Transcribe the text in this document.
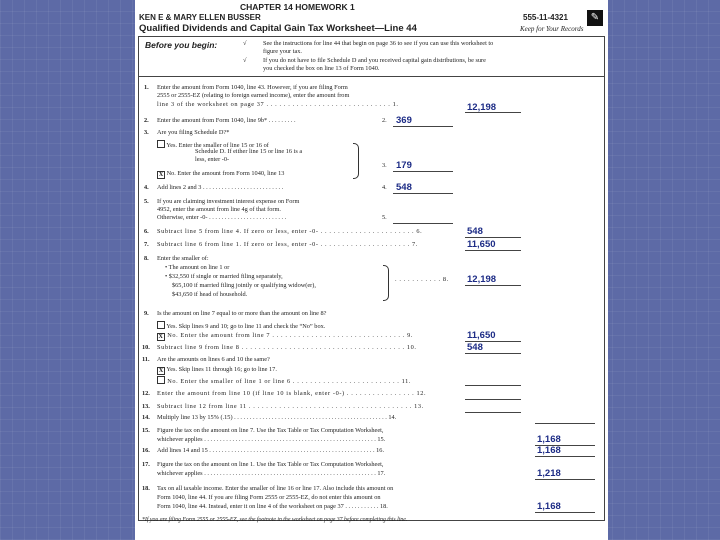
CHAPTER 14 HOMEWORK 1
KEN E & MARY ELLEN BUSSER	555-11-4321
Qualified Dividends and Capital Gain Tax Worksheet—Line 44	Keep for Your Records
✎
Before you begin:	√	See the instructions for line 44 that begin on page 36 to see if you can use this worksheet to
figure your tax.
√	If you do not have to file Schedule D and you received capital gain distributions, be sure
you checked the box on line 13 of Form 1040.
1. Enter the amount from Form 1040, line 43. However, if you are filing Form
2555 or 2555-EZ (relating to foreign earned income), enter the amount from
line 3 of the worksheet on page 37 . . . . . . . . . . . . . . . . . . . . . . . . . . . . . 1.	12,198
2. Enter the amount from Form 1040, line 9b* . . . . . . . . .	2. 369
3. Are you filing Schedule D?*
Yes. Enter the smaller of line 15 or 16 of
Schedule D. If either line 15 or line 16 is a
less, enter -0-
X No. Enter the amount from Form 1040, line 13
3. 179
4. Add lines 2 and 3 . . . . . . . . . . . . . . . . . . . . . . . . . .	4. 548
5. If you are claiming investment interest expense on Form
4952, enter the amount from line 4g of that form.
Otherwise, enter -0- . . . . . . . . . . . . . . . . . . . . . . . . .	5.
6. Subtract line 5 from line 4. If zero or less, enter -0- . . . . . . . . . . . . . . . . . . . . . . 6.	548
7. Subtract line 6 from line 1. If zero or less, enter -0- . . . . . . . . . . . . . . . . . . . . . 7.	11,650
8. Enter the smaller of:
• The amount on line 1 or
• $32,550 if single or married filing separately,
$65,100 if married filing jointly or qualifying widow(er),
$43,650 if head of household.
. . . . . . . . . . . 8. 12,198
9. Is the amount on line 7 equal to or more than the amount on line 8?
Yes. Skip lines 9 and 10; go to line 11 and check the “No” box.
X No. Enter the amount from line 7 . . . . . . . . . . . . . . . . . . . . . . . . . . . . . . . 9.	11,650
10. Subtract line 9 from line 8 . . . . . . . . . . . . . . . . . . . . . . . . . . . . . . . . . . . . . . 10.	548
11. Are the amounts on lines 6 and 10 the same?
X Yes. Skip lines 11 through 16; go to line 17.
No. Enter the smaller of line 1 or line 6 . . . . . . . . . . . . . . . . . . . . . . . . . 11.
12. Enter the amount from line 10 (if line 10 is blank, enter -0-) . . . . . . . . . . . . . . . . 12.
13. Subtract line 12 from line 11 . . . . . . . . . . . . . . . . . . . . . . . . . . . . . . . . . . . . . . 13.
14. Multiply line 13 by 15% (.15) . . . . . . . . . . . . . . . . . . . . . . . . . . . . . . . . . . . . . . . . . . . . . . . . . 14.
15. Figure the tax on the amount on line 7. Use the Tax Table or Tax Computation Worksheet,
whichever applies . . . . . . . . . . . . . . . . . . . . . . . . . . . . . . . . . . . . . . . . . . . . . . . . . . . . . . . 15.	1,168
16. Add lines 14 and 15 . . . . . . . . . . . . . . . . . . . . . . . . . . . . . . . . . . . . . . . . . . . . . . . . . . . . . 16.	1,168
17. Figure the tax on the amount on line 1. Use the Tax Table or Tax Computation Worksheet,
whichever applies . . . . . . . . . . . . . . . . . . . . . . . . . . . . . . . . . . . . . . . . . . . . . . . . . . . . . . . 17.	1,218
18. Tax on all taxable income. Enter the smaller of line 16 or line 17. Also include this amount on
Form 1040, line 44. If you are filing Form 2555 or 2555-EZ, do not enter this amount on
Form 1040, line 44. Instead, enter it on line 4 of the worksheet on page 37 . . . . . . . . . . . 18.	1,168
*If you are filing Form 2555 or 2555-EZ, see the footnote in the worksheet on page 37 before completing this line.
